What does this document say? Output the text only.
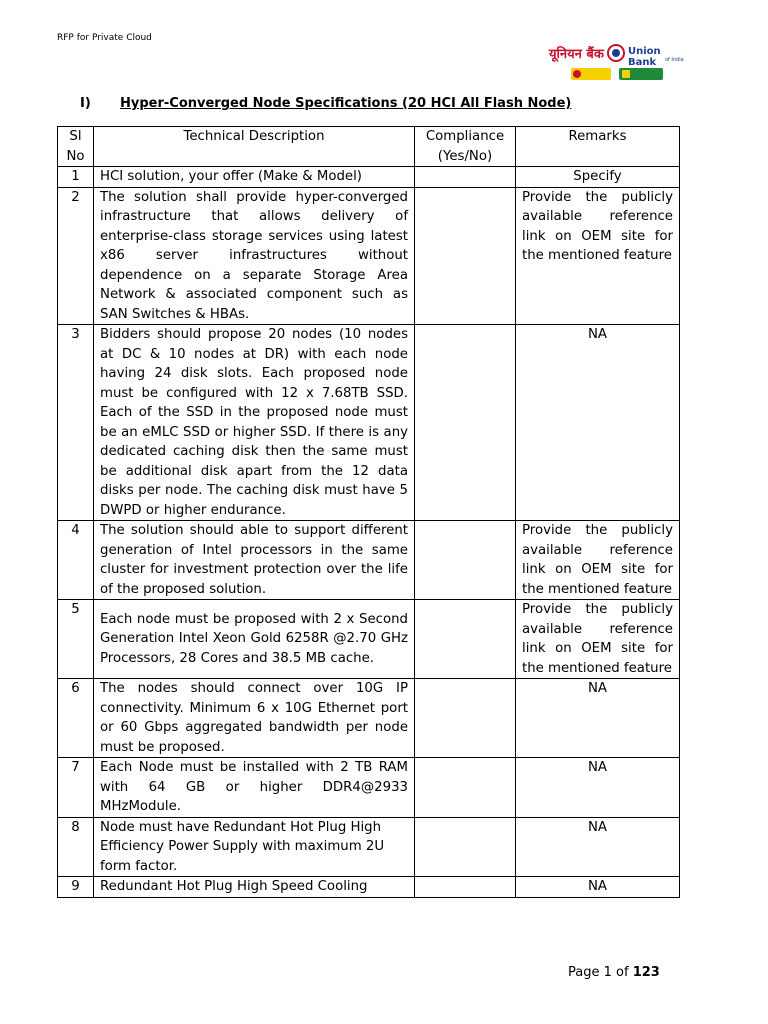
RFP for Private Cloud
यूनियन बैंक Union Bank	of India
I) Hyper-Converged Node Specifications (20 HCI All Flash Node)
Sl No	Technical Description	Compliance (Yes/No)	Remarks
1	HCI solution, your offer (Make & Model)		Specify
2	The solution shall provide hyper-converged infrastructure that allows delivery of enterprise-class storage services using latest x86 server infrastructures without dependence on a separate Storage Area Network & associated component such as SAN Switches & HBAs.		Provide the publicly available reference link on OEM site for the mentioned feature
3	Bidders should propose 20 nodes (10 nodes at DC & 10 nodes at DR) with each node having 24 disk slots. Each proposed node must be configured with 12 x 7.68TB SSD. Each of the SSD in the proposed node must be an eMLC SSD or higher SSD. If there is any dedicated caching disk then the same must be additional disk apart from the 12 data disks per node. The caching disk must have 5 DWPD or higher endurance.		NA
4	The solution should able to support different generation of Intel processors in the same cluster for investment protection over the life of the proposed solution.		Provide the publicly available reference link on OEM site for the mentioned feature
5	Each node must be proposed with 2 x Second Generation Intel Xeon Gold 6258R @2.70 GHz Processors, 28 Cores and 38.5 MB cache.		Provide the publicly available reference link on OEM site for the mentioned feature
6	The nodes should connect over 10G IP connectivity. Minimum 6 x 10G Ethernet port or 60 Gbps aggregated bandwidth per node must be proposed.		NA
7	Each Node must be installed with 2 TB RAM with 64 GB or higher DDR4@2933 MHzModule.		NA
8	Node must have Redundant Hot Plug High Efficiency Power Supply with maximum 2U form factor.		NA
9	Redundant Hot Plug High Speed Cooling		NA
Page 1 of 123
